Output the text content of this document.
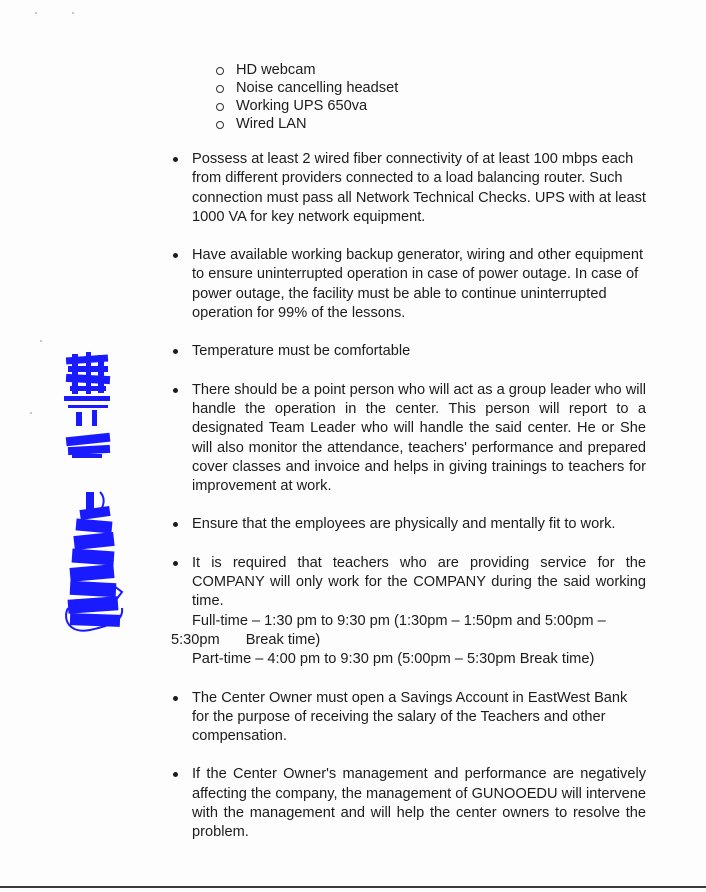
HD webcam
Noise cancelling headset
Working UPS 650va
Wired LAN
Possess at least 2 wired fiber connectivity of at least 100 mbps each from different providers connected to a load balancing router. Such connection must pass all Network Technical Checks. UPS with at least 1000 VA for key network equipment.
Have available working backup generator, wiring and other equipment to ensure uninterrupted operation in case of power outage. In case of power outage, the facility must be able to continue uninterrupted operation for 99% of the lessons.
Temperature must be comfortable
There should be a point person who will act as a group leader who will handle the operation in the center. This person will report to a designated Team Leader who will handle the said center. He or She will also monitor the attendance, teachers' performance and prepared cover classes and invoice and helps in giving trainings to teachers for improvement at work.
Ensure that the employees are physically and mentally fit to work.
It is required that teachers who are providing service for the COMPANY will only work for the COMPANY during the said working time.
Full-time – 1:30 pm to 9:30 pm (1:30pm – 1:50pm and 5:00pm –
5:30pm Break time)
Part-time – 4:00 pm to 9:30 pm (5:00pm – 5:30pm Break time)
The Center Owner must open a Savings Account in EastWest Bank for the purpose of receiving the salary of the Teachers and other compensation.
If the Center Owner's management and performance are negatively affecting the company, the management of GUNOOEDU will intervene with the management and will help the center owners to resolve the problem.
